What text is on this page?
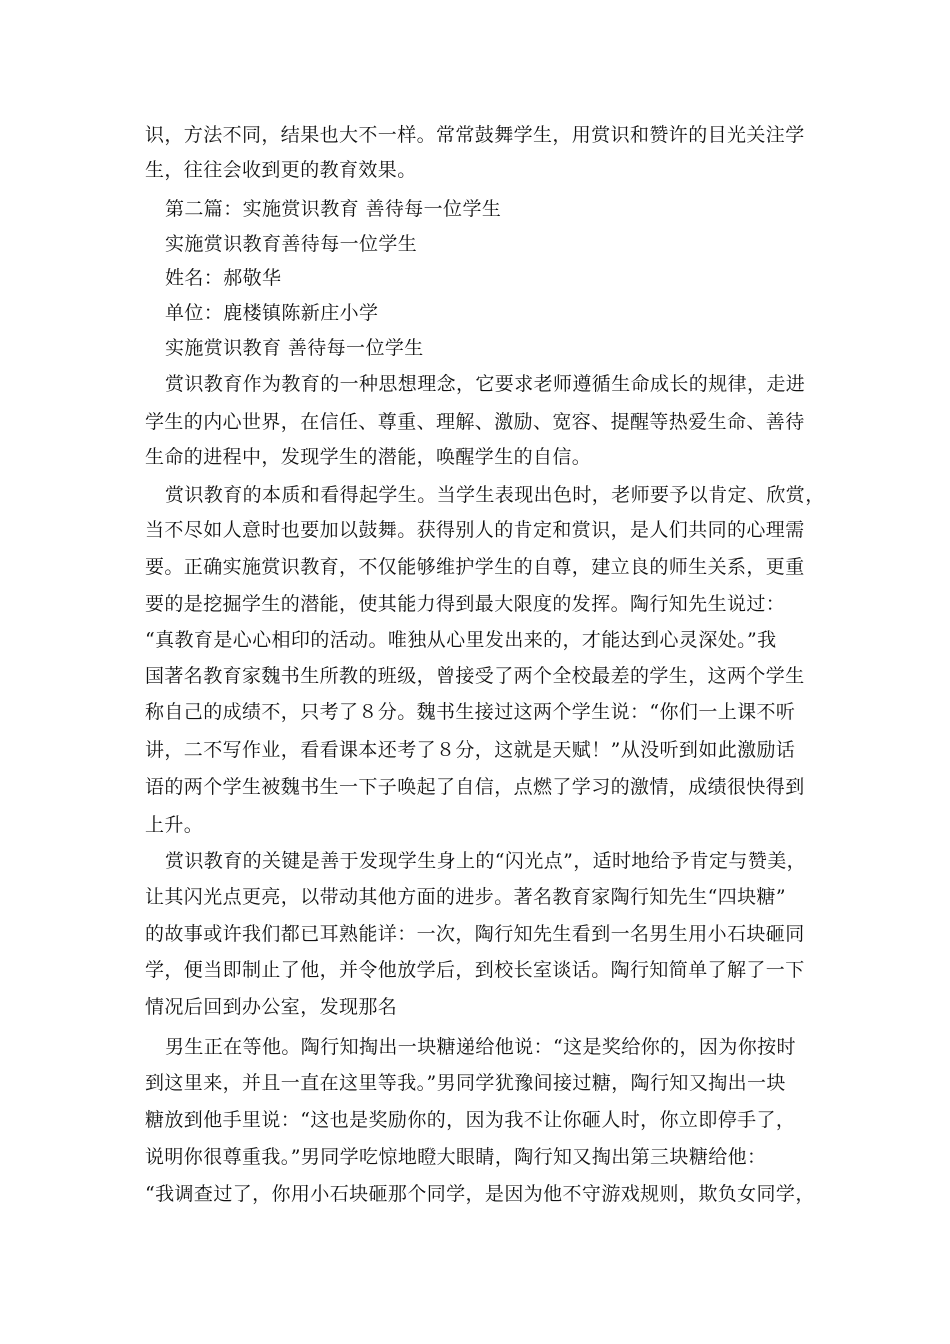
识，方法不同，结果也大不一样。常常鼓舞学生，用赏识和赞许的目光关注学
生，往往会收到更的教育效果。
第二篇：实施赏识教育 善待每一位学生
实施赏识教育善待每一位学生
姓名：郝敬华
单位：鹿楼镇陈新庄小学
实施赏识教育 善待每一位学生
赏识教育作为教育的一种思想理念，它要求老师遵循生命成长的规律，走进
学生的内心世界，在信任、尊重、理解、激励、宽容、提醒等热爱生命、善待
生命的进程中，发现学生的潜能，唤醒学生的自信。
赏识教育的本质和看得起学生。当学生表现出色时，老师要予以肯定、欣赏，
当不尽如人意时也要加以鼓舞。获得别人的肯定和赏识，是人们共同的心理需
要。正确实施赏识教育，不仅能够维护学生的自尊，建立良的师生关系，更重
要的是挖掘学生的潜能，使其能力得到最大限度的发挥。陶行知先生说过：
“真教育是心心相印的活动。唯独从心里发出来的，才能达到心灵深处。”我
国著名教育家魏书生所教的班级，曾接受了两个全校最差的学生，这两个学生
称自己的成绩不，只考了８分。魏书生接过这两个学生说：“你们一上课不听
讲，二不写作业，看看课本还考了８分，这就是天赋！”从没听到如此激励话
语的两个学生被魏书生一下子唤起了自信，点燃了学习的激情，成绩很快得到
上升。
赏识教育的关键是善于发现学生身上的“闪光点”，适时地给予肯定与赞美，
让其闪光点更亮，以带动其他方面的进步。著名教育家陶行知先生“四块糖”
的故事或许我们都已耳熟能详：一次，陶行知先生看到一名男生用小石块砸同
学，便当即制止了他，并令他放学后，到校长室谈话。陶行知简单了解了一下
情况后回到办公室，发现那名
男生正在等他。陶行知掏出一块糖递给他说：“这是奖给你的，因为你按时
到这里来，并且一直在这里等我。”男同学犹豫间接过糖，陶行知又掏出一块
糖放到他手里说：“这也是奖励你的，因为我不让你砸人时，你立即停手了，
说明你很尊重我。”男同学吃惊地瞪大眼睛，陶行知又掏出第三块糖给他：
“我调查过了，你用小石块砸那个同学，是因为他不守游戏规则，欺负女同学，
